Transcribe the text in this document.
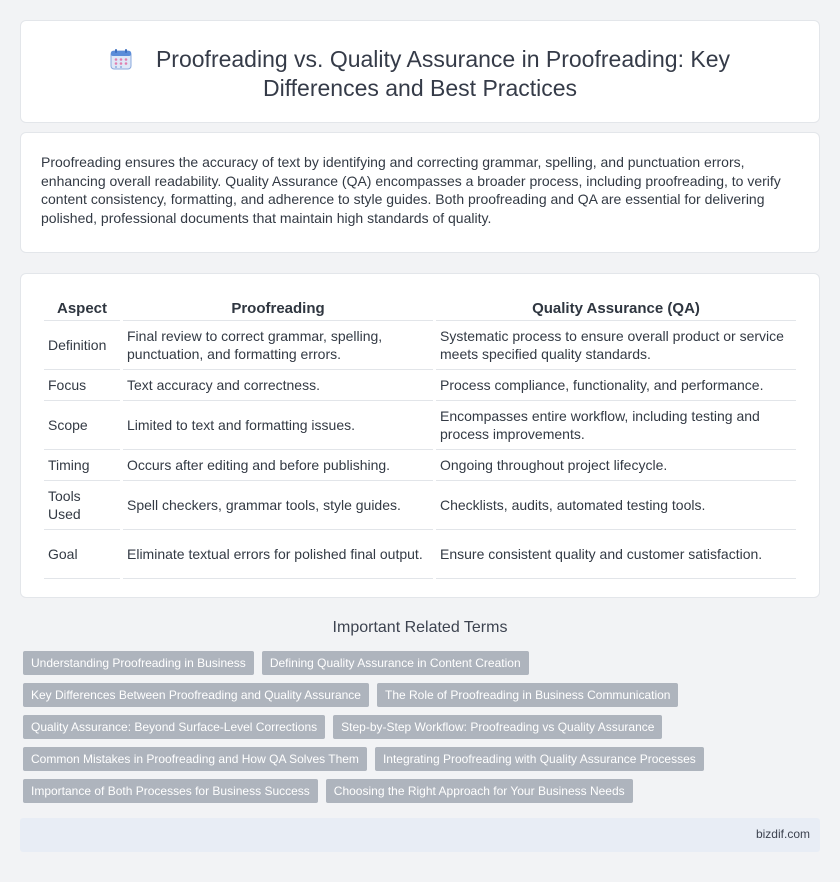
Proofreading vs. Quality Assurance in Proofreading: Key Differences and Best Practices

Proofreading ensures the accuracy of text by identifying and correcting grammar, spelling, and punctuation errors, enhancing overall readability. Quality Assurance (QA) encompasses a broader process, including proofreading, to verify content consistency, formatting, and adherence to style guides. Both proofreading and QA are essential for delivering polished, professional documents that maintain high standards of quality.

Aspect	Proofreading	Quality Assurance (QA)
Definition	Final review to correct grammar, spelling, punctuation, and formatting errors.	Systematic process to ensure overall product or service meets specified quality standards.
Focus	Text accuracy and correctness.	Process compliance, functionality, and performance.
Scope	Limited to text and formatting issues.	Encompasses entire workflow, including testing and process improvements.
Timing	Occurs after editing and before publishing.	Ongoing throughout project lifecycle.
Tools Used	Spell checkers, grammar tools, style guides.	Checklists, audits, automated testing tools.
Goal	Eliminate textual errors for polished final output.	Ensure consistent quality and customer satisfaction.
Important Related Terms
Understanding Proofreading in Business	Defining Quality Assurance in Content Creation
Key Differences Between Proofreading and Quality Assurance	The Role of Proofreading in Business Communication
Quality Assurance: Beyond Surface-Level Corrections	Step-by-Step Workflow: Proofreading vs Quality Assurance
Common Mistakes in Proofreading and How QA Solves Them	Integrating Proofreading with Quality Assurance Processes
Importance of Both Processes for Business Success	Choosing the Right Approach for Your Business Needs
bizdif.com
